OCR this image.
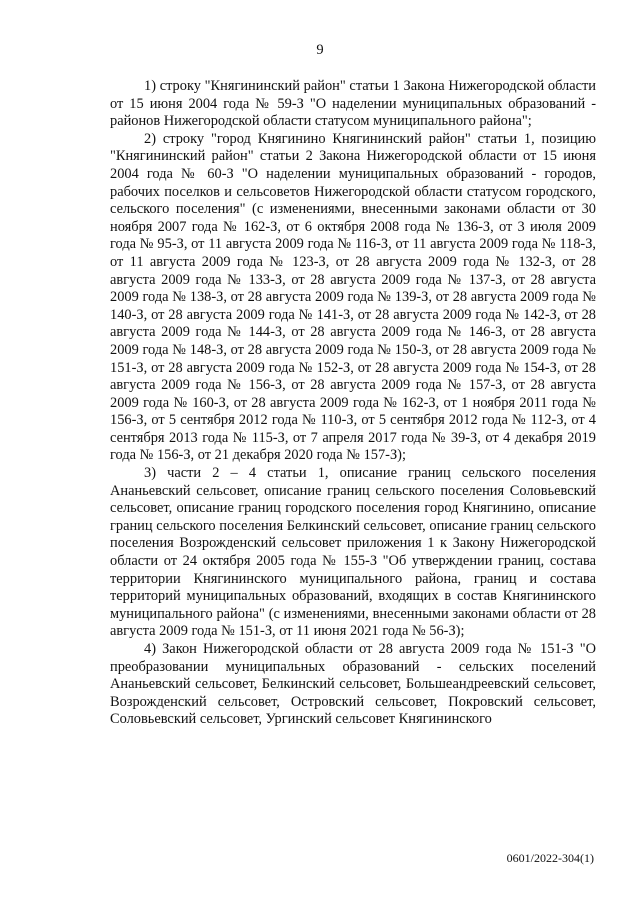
9

1) строку "Княгининский район" статьи 1 Закона Нижегородской области от 15 июня 2004 года № 59-З "О наделении муниципальных образований - районов Нижегородской области статусом муниципального района";

2) строку "город Княгинино Княгининский район" статьи 1, позицию "Княгининский район" статьи 2 Закона Нижегородской области от 15 июня 2004 года № 60-З "О наделении муниципальных образований - городов, рабочих поселков и сельсоветов Нижегородской области статусом городского, сельского поселения" (с изменениями, внесенными законами области от 30 ноября 2007 года № 162-З, от 6 октября 2008 года № 136-З, от 3 июля 2009 года № 95-З, от 11 августа 2009 года № 116-З, от 11 августа 2009 года № 118-З, от 11 августа 2009 года № 123-З, от 28 августа 2009 года № 132-З, от 28 августа 2009 года № 133-З, от 28 августа 2009 года № 137-З, от 28 августа 2009 года № 138-З, от 28 августа 2009 года № 139-З, от 28 августа 2009 года № 140-З, от 28 августа 2009 года № 141-З, от 28 августа 2009 года № 142-З, от 28 августа 2009 года № 144-З, от 28 августа 2009 года № 146-З, от 28 августа 2009 года № 148-З, от 28 августа 2009 года № 150-З, от 28 августа 2009 года № 151-З, от 28 августа 2009 года № 152-З, от 28 августа 2009 года № 154-З, от 28 августа 2009 года № 156-З, от 28 августа 2009 года № 157-З, от 28 августа 2009 года № 160-З, от 28 августа 2009 года № 162-З, от 1 ноября 2011 года № 156-З, от 5 сентября 2012 года № 110-З, от 5 сентября 2012 года № 112-З, от 4 сентября 2013 года № 115-З, от 7 апреля 2017 года № 39-З, от 4 декабря 2019 года № 156-З, от 21 декабря 2020 года № 157-З);

3) части 2 – 4 статьи 1, описание границ сельского поселения Ананьевский сельсовет, описание границ сельского поселения Соловьевский сельсовет, описание границ городского поселения город Княгинино, описание границ сельского поселения Белкинский сельсовет, описание границ сельского поселения Возрожденский сельсовет приложения 1 к Закону Нижегородской области от 24 октября 2005 года № 155-З "Об утверждении границ, состава территории Княгининского муниципального района, границ и состава территорий муниципальных образований, входящих в состав Княгининского муниципального района" (с изменениями, внесенными законами области от 28 августа 2009 года № 151-З, от 11 июня 2021 года № 56-З);

4) Закон Нижегородской области от 28 августа 2009 года № 151-З "О преобразовании муниципальных образований - сельских поселений Ананьевский сельсовет, Белкинский сельсовет, Большеандреевский сельсовет, Возрожденский сельсовет, Островский сельсовет, Покровский сельсовет, Соловьевский сельсовет, Ургинский сельсовет Княгининского

0601/2022-304(1)
